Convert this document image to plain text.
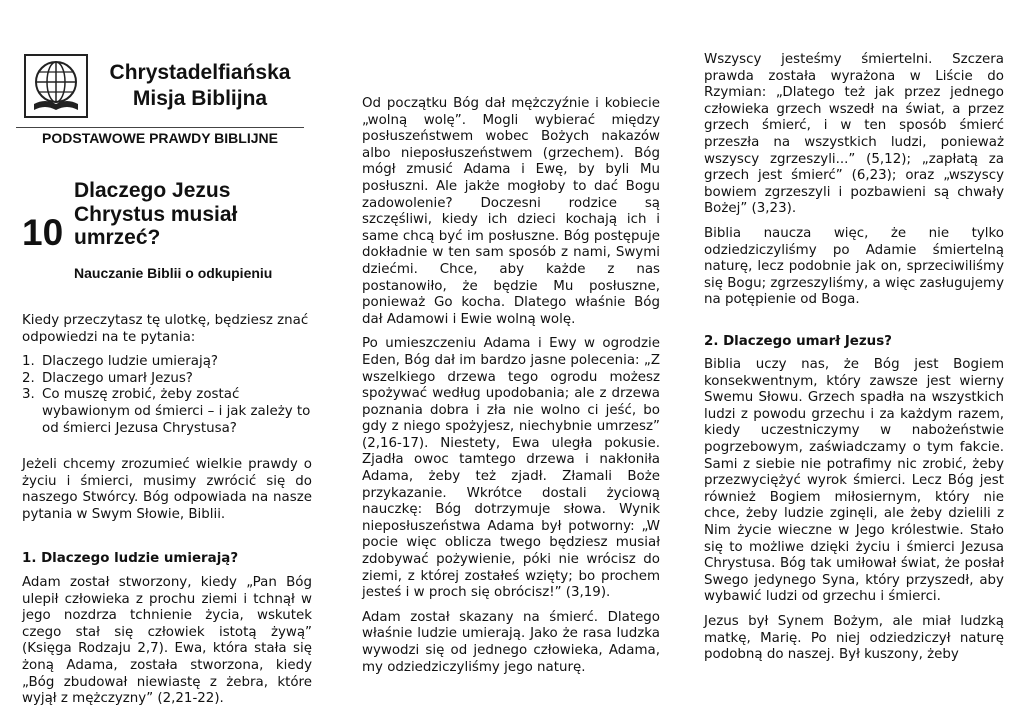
Chrystadelfiańska
Misja Biblijna
PODSTAWOWE PRAWDY BIBLIJNE
10
Dlaczego Jezus
Chrystus musiał
umrzeć?
Nauczanie Biblii o odkupieniu

Kiedy przeczytasz tę ulotkę, będziesz znać odpowiedzi na te pytania:

1. Dlaczego ludzie umierają?
2. Dlaczego umarł Jezus?
3. Co muszę zrobić, żeby zostać wybawionym od śmierci – i jak zależy to od śmierci Jezusa Chrystusa?
Jeżeli chcemy zrozumieć wielkie prawdy o życiu i śmierci, musimy zwrócić się do naszego Stwórcy. Bóg odpowiada na nasze pytania w Swym Słowie, Biblii.
1. Dlaczego ludzie umierają?
Adam został stworzony, kiedy „Pan Bóg ulepił człowieka z prochu ziemi i tchnął w jego nozdrza tchnienie życia, wskutek czego stał się człowiek istotą żywą” (Księga Rodzaju 2,7). Ewa, która stała się żoną Adama, została stworzona, kiedy „Bóg zbudował niewiastę z żebra, które wyjął z mężczyzny” (2,21-22).

Od początku Bóg dał mężczyźnie i kobiecie „wolną wolę”. Mogli wybierać między posłuszeństwem wobec Bożych nakazów albo nieposłuszeństwem (grzechem). Bóg mógł zmusić Adama i Ewę, by byli Mu posłuszni. Ale jakże mogłoby to dać Bogu zadowolenie? Doczesni rodzice są szczęśliwi, kiedy ich dzieci kochają ich i same chcą być im posłuszne. Bóg postępuje dokładnie w ten sam sposób z nami, Swymi dziećmi. Chce, aby każde z nas postanowiło, że będzie Mu posłuszne, ponieważ Go kocha. Dlatego właśnie Bóg dał Adamowi i Ewie wolną wolę.

Po umieszczeniu Adama i Ewy w ogrodzie Eden, Bóg dał im bardzo jasne polecenia: „Z wszelkiego drzewa tego ogrodu możesz spożywać według upodobania; ale z drzewa poznania dobra i zła nie wolno ci jeść, bo gdy z niego spożyjesz, niechybnie umrzesz” (2,16-17). Niestety, Ewa uległa pokusie. Zjadła owoc tamtego drzewa i nakłoniła Adama, żeby też zjadł. Złamali Boże przykazanie. Wkrótce dostali życiową nauczkę: Bóg dotrzymuje słowa. Wynik nieposłuszeństwa Adama był potworny: „W pocie więc oblicza twego będziesz musiał zdobywać pożywienie, póki nie wrócisz do ziemi, z której zostałeś wzięty; bo prochem jesteś i w proch się obrócisz!” (3,19).

Adam został skazany na śmierć. Dlatego właśnie ludzie umierają. Jako że rasa ludzka wywodzi się od jednego człowieka, Adama, my odziedziczyliśmy jego naturę.

Wszyscy jesteśmy śmiertelni. Szczera prawda została wyrażona w Liście do Rzymian: „Dlatego też jak przez jednego człowieka grzech wszedł na świat, a przez grzech śmierć, i w ten sposób śmierć przeszła na wszystkich ludzi, ponieważ wszyscy zgrzeszyli...” (5,12); „zapłatą za grzech jest śmierć” (6,23); oraz „wszyscy bowiem zgrzeszyli i pozbawieni są chwały Bożej” (3,23).

Biblia naucza więc, że nie tylko odziedziczyliśmy po Adamie śmiertelną naturę, lecz podobnie jak on, sprzeciwiliśmy się Bogu; zgrzeszyliśmy, a więc zasługujemy na potępienie od Boga.

2. Dlaczego umarł Jezus?

Biblia uczy nas, że Bóg jest Bogiem konsekwentnym, który zawsze jest wierny Swemu Słowu. Grzech spadła na wszystkich ludzi z powodu grzechu i za każdym razem, kiedy uczestniczymy w nabożeństwie pogrzebowym, zaświadczamy o tym fakcie. Sami z siebie nie potrafimy nic zrobić, żeby przezwyciężyć wyrok śmierci. Lecz Bóg jest również Bogiem miłosiernym, który nie chce, żeby ludzie zginęli, ale żeby dzielili z Nim życie wieczne w Jego królestwie. Stało się to możliwe dzięki życiu i śmierci Jezusa Chrystusa. Bóg tak umiłował świat, że posłał Swego jedynego Syna, który przyszedł, aby wybawić ludzi od grzechu i śmierci.

Jezus był Synem Bożym, ale miał ludzką matkę, Marię. Po niej odziedziczył naturę podobną do naszej. Był kuszony, żeby
